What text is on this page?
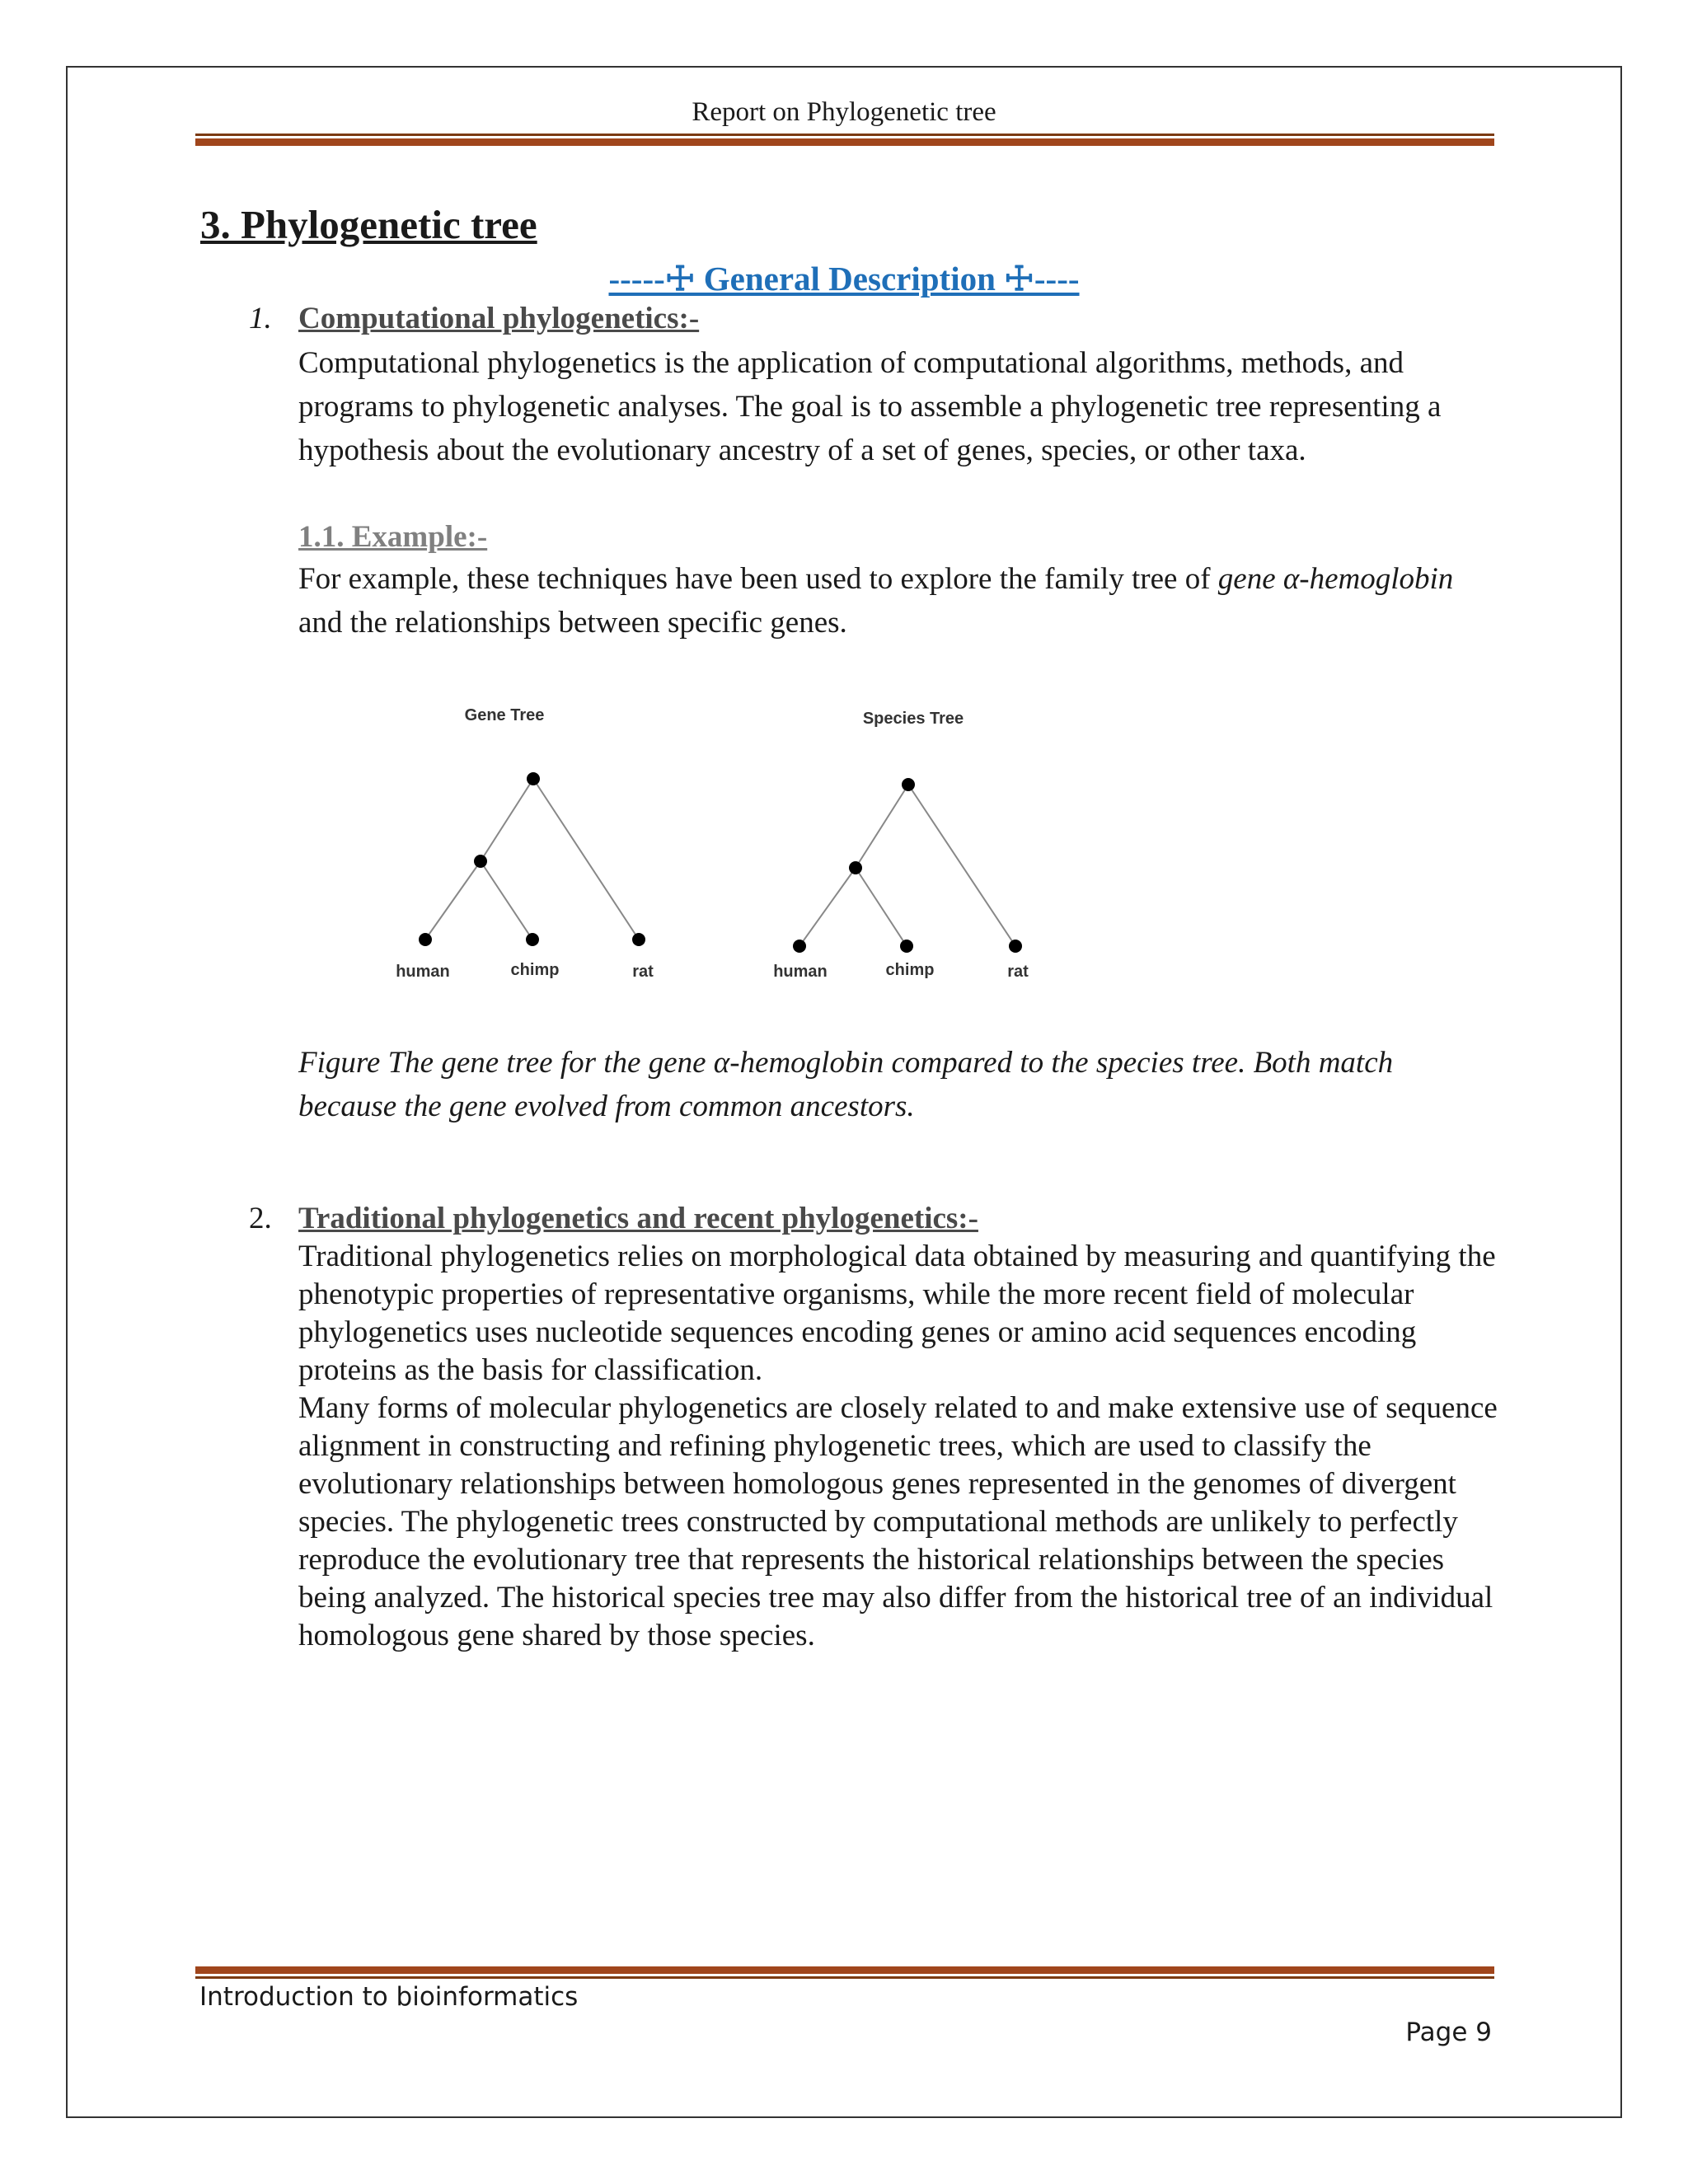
Report on Phylogenetic tree
3. Phylogenetic tree
-----☩ General Description ☩----
1. Computational phylogenetics:-
Computational phylogenetics is the application of computational algorithms, methods, and programs to phylogenetic analyses. The goal is to assemble a phylogenetic tree representing a hypothesis about the evolutionary ancestry of a set of genes, species, or other taxa.
1.1. Example:-
For example, these techniques have been used to explore the family tree of gene α-hemoglobin and the relationships between specific genes.
Gene Tree
human	chimp	rat
Species Tree
human	chimp	rat
Figure The gene tree for the gene α-hemoglobin compared to the species tree. Both match because the gene evolved from common ancestors.
2. Traditional phylogenetics and recent phylogenetics:-
Traditional phylogenetics relies on morphological data obtained by measuring and quantifying the phenotypic properties of representative organisms, while the more recent field of molecular phylogenetics uses nucleotide sequences encoding genes or amino acid sequences encoding proteins as the basis for classification.
Many forms of molecular phylogenetics are closely related to and make extensive use of sequence alignment in constructing and refining phylogenetic trees, which are used to classify the evolutionary relationships between homologous genes represented in the genomes of divergent species. The phylogenetic trees constructed by computational methods are unlikely to perfectly reproduce the evolutionary tree that represents the historical relationships between the species being analyzed. The historical species tree may also differ from the historical tree of an individual homologous gene shared by those species.
Introduction to bioinformatics
Page 9
